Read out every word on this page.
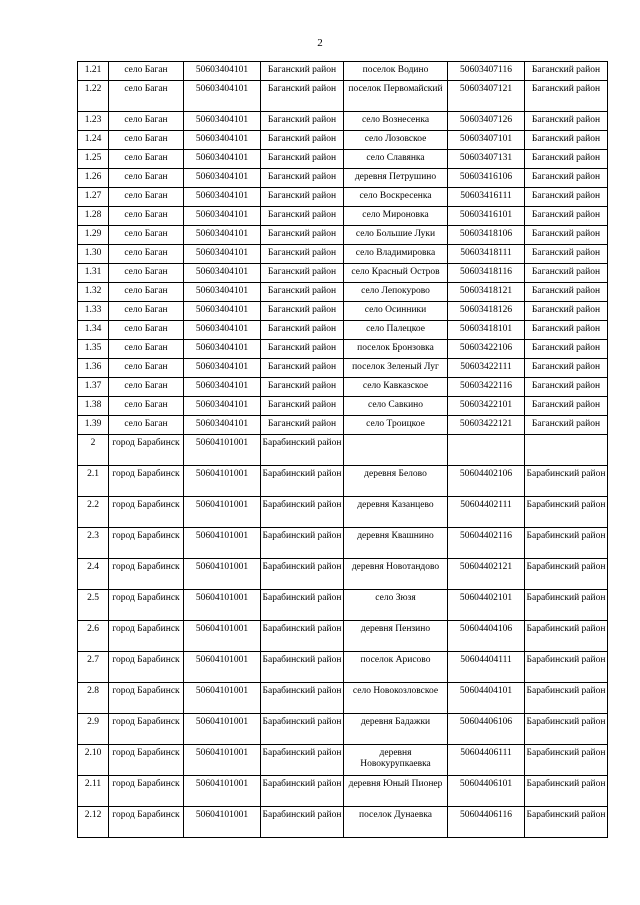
2
1.21	село Баган	50603404101	Баганский район	поселок Водино	50603407116	Баганский район
1.22	село Баган	50603404101	Баганский район	поселок Первомайский	50603407121	Баганский район
1.23	село Баган	50603404101	Баганский район	село Вознесенка	50603407126	Баганский район
1.24	село Баган	50603404101	Баганский район	село Лозовское	50603407101	Баганский район
1.25	село Баган	50603404101	Баганский район	село Славянка	50603407131	Баганский район
1.26	село Баган	50603404101	Баганский район	деревня Петрушино	50603416106	Баганский район
1.27	село Баган	50603404101	Баганский район	село Воскресенка	50603416111	Баганский район
1.28	село Баган	50603404101	Баганский район	село Мироновка	50603416101	Баганский район
1.29	село Баган	50603404101	Баганский район	село Большие Луки	50603418106	Баганский район
1.30	село Баган	50603404101	Баганский район	село Владимировка	50603418111	Баганский район
1.31	село Баган	50603404101	Баганский район	село Красный Остров	50603418116	Баганский район
1.32	село Баган	50603404101	Баганский район	село Лепокурово	50603418121	Баганский район
1.33	село Баган	50603404101	Баганский район	село Осинники	50603418126	Баганский район
1.34	село Баган	50603404101	Баганский район	село Палецкое	50603418101	Баганский район
1.35	село Баган	50603404101	Баганский район	поселок Бронзовка	50603422106	Баганский район
1.36	село Баган	50603404101	Баганский район	поселок Зеленый Луг	50603422111	Баганский район
1.37	село Баган	50603404101	Баганский район	село Кавказское	50603422116	Баганский район
1.38	село Баган	50603404101	Баганский район	село Савкино	50603422101	Баганский район
1.39	село Баган	50603404101	Баганский район	село Троицкое	50603422121	Баганский район
2	город Барабинск	50604101001	Барабинский район			
2.1	город Барабинск	50604101001	Барабинский район	деревня Белово	50604402106	Барабинский район
2.2	город Барабинск	50604101001	Барабинский район	деревня Казанцево	50604402111	Барабинский район
2.3	город Барабинск	50604101001	Барабинский район	деревня Квашнино	50604402116	Барабинский район
2.4	город Барабинск	50604101001	Барабинский район	деревня Новотандово	50604402121	Барабинский район
2.5	город Барабинск	50604101001	Барабинский район	село Зюзя	50604402101	Барабинский район
2.6	город Барабинск	50604101001	Барабинский район	деревня Пензино	50604404106	Барабинский район
2.7	город Барабинск	50604101001	Барабинский район	поселок Арисово	50604404111	Барабинский район
2.8	город Барабинск	50604101001	Барабинский район	село Новокозловское	50604404101	Барабинский район
2.9	город Барабинск	50604101001	Барабинский район	деревня Бадажки	50604406106	Барабинский район
2.10	город Барабинск	50604101001	Барабинский район	деревня Новокурупкаевка	50604406111	Барабинский район
2.11	город Барабинск	50604101001	Барабинский район	деревня Юный Пионер	50604406101	Барабинский район
2.12	город Барабинск	50604101001	Барабинский район	поселок Дунаевка	50604406116	Барабинский район
